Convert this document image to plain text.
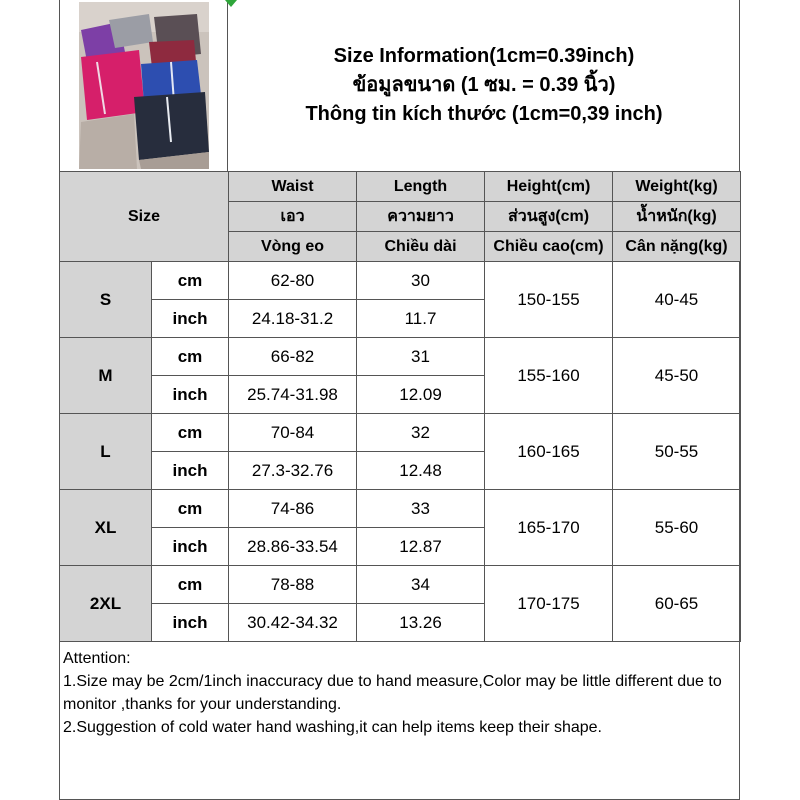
Size Information(1cm=0.39inch)
ข้อมูลขนาด (1 ซม. = 0.39 นิ้ว)
Thông tin kích thước (1cm=0,39 inch)
Size		Waist	Length	Height(cm)	Weight(kg)
		เอว	ความยาว	ส่วนสูง(cm)	น้ำหนัก(kg)
		Vòng eo	Chiều dài	Chiều cao(cm)	Cân nặng(kg)
S	cm	62-80	30	150-155	40-45
	inch	24.18-31.2	11.7		
M	cm	66-82	31	155-160	45-50
	inch	25.74-31.98	12.09		
L	cm	70-84	32	160-165	50-55
	inch	27.3-32.76	12.48		
XL	cm	74-86	33	165-170	55-60
	inch	28.86-33.54	12.87		
2XL	cm	78-88	34	170-175	60-65
	inch	30.42-34.32	13.26		
Attention:
1.Size may be 2cm/1inch inaccuracy due to hand measure,Color may be little different due to monitor ,thanks for your understanding.
2.Suggestion of cold water hand washing,it can help items keep their shape.
